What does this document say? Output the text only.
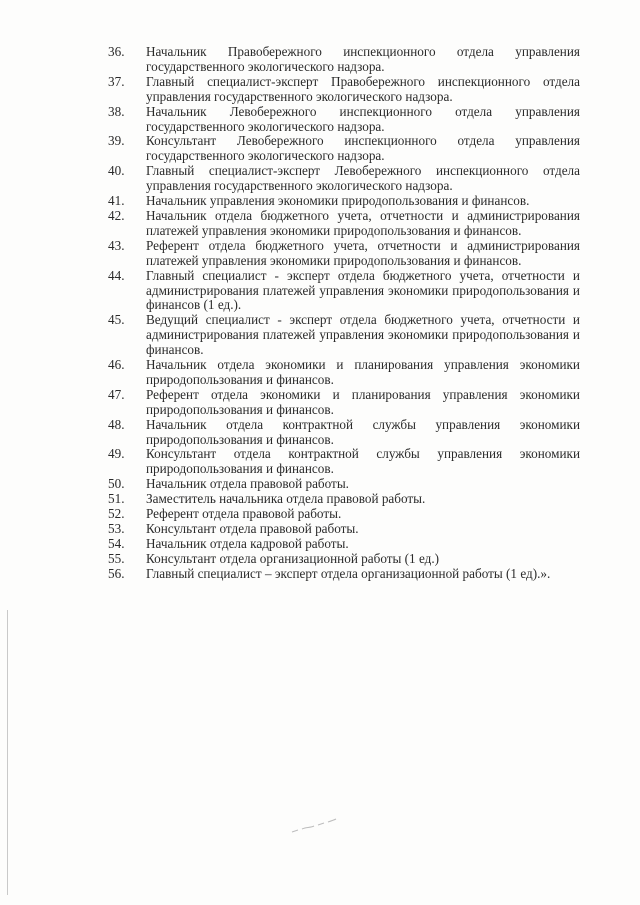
36.	Начальник Правобережного инспекционного отдела управления государственного экологического надзора.
37.	Главный специалист-эксперт Правобережного инспекционного отдела управления государственного экологического надзора.
38.	Начальник Левобережного инспекционного отдела управления государственного экологического надзора.
39.	Консультант Левобережного инспекционного отдела управления государственного экологического надзора.
40.	Главный специалист-эксперт Левобережного инспекционного отдела управления государственного экологического надзора.
41.	Начальник управления экономики природопользования и финансов.
42.	Начальник отдела бюджетного учета, отчетности и администрирования платежей управления экономики природопользования и финансов.
43.	Референт отдела бюджетного учета, отчетности и администрирования платежей управления экономики природопользования и финансов.
44.	Главный специалист - эксперт отдела бюджетного учета, отчетности и администрирования платежей управления экономики природопользования и финансов (1 ед.).
45.	Ведущий специалист - эксперт отдела бюджетного учета, отчетности и администрирования платежей управления экономики природопользования и финансов.
46.	Начальник отдела экономики и планирования управления экономики природопользования и финансов.
47.	Референт отдела экономики и планирования управления экономики природопользования и финансов.
48.	Начальник отдела контрактной службы управления экономики природопользования и финансов.
49.	Консультант отдела контрактной службы управления экономики природопользования и финансов.
50.	Начальник отдела правовой работы.
51.	Заместитель начальника отдела правовой работы.
52.	Референт отдела правовой работы.
53.	Консультант отдела правовой работы.
54.	Начальник отдела кадровой работы.
55.	Консультант отдела организационной работы (1 ед.)
56.	Главный специалист – эксперт отдела организационной работы (1 ед).».
